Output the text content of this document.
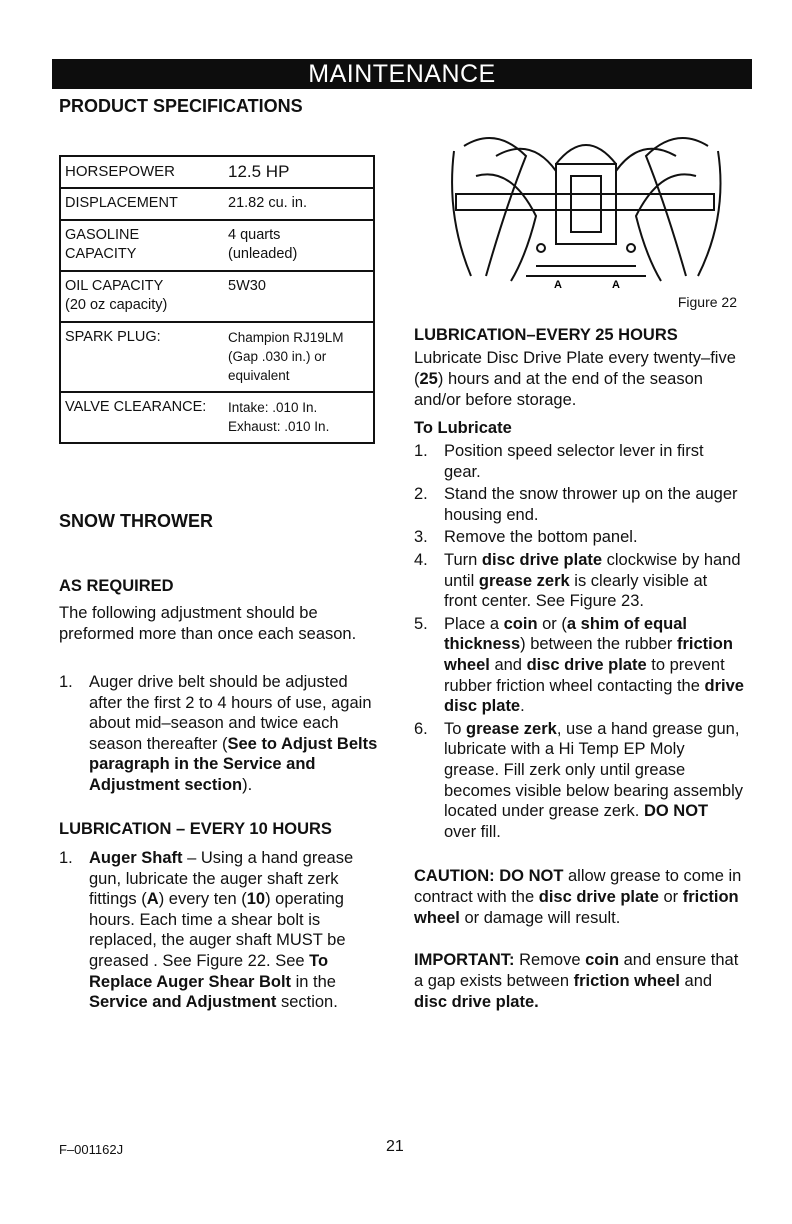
MAINTENANCE
PRODUCT SPECIFICATIONS
HORSEPOWER	12.5 HP
DISPLACEMENT	21.82 cu. in.

GASOLINE
CAPACITY	4 quarts
(unleaded)

OIL CAPACITY
(20 oz capacity)	5W30
SPARK PLUG:	Champion RJ19LM
(Gap .030 in.) or
equivalent

VALVE CLEARANCE:	Intake: .010 In.
Exhaust: .010 In.
SNOW THROWER
AS REQUIRED
The following adjustment should be preformed more than once each season.
1. Auger drive belt should be adjusted after the first 2 to 4 hours of use, again about mid–season and twice each season thereafter (See to Adjust Belts paragraph in the Service and Adjustment section).
LUBRICATION – EVERY 10 HOURS
1. Auger Shaft – Using a hand grease gun, lubricate the auger shaft zerk fittings (A) every ten (10) operating hours. Each time a shear bolt is replaced, the auger shaft MUST be greased . See Figure 22. See To Replace Auger Shear Bolt in the Service and Adjustment section.
A	A
Figure 22
LUBRICATION–EVERY 25 HOURS
Lubricate Disc Drive Plate every twenty–five (25) hours and at the end of the season and/or before storage.
To Lubricate
1. Position speed selector lever in first gear.
2. Stand the snow thrower up on the auger housing end.
3. Remove the bottom panel.
4. Turn disc drive plate clockwise by hand until grease zerk is clearly visible at front center. See Figure 23.
5. Place a coin or (a shim of equal thickness) between the rubber friction wheel and disc drive plate to prevent rubber friction wheel contacting the drive disc plate.
6. To grease zerk, use a hand grease gun, lubricate with a Hi Temp EP Moly grease. Fill zerk only until grease becomes visible below bearing assembly located under grease zerk. DO NOT over fill.
CAUTION: DO NOT allow grease to come in contract with the disc drive plate or friction wheel or damage will result.
IMPORTANT: Remove coin and ensure that a gap exists between friction wheel and disc drive plate.
F–001162J	21
